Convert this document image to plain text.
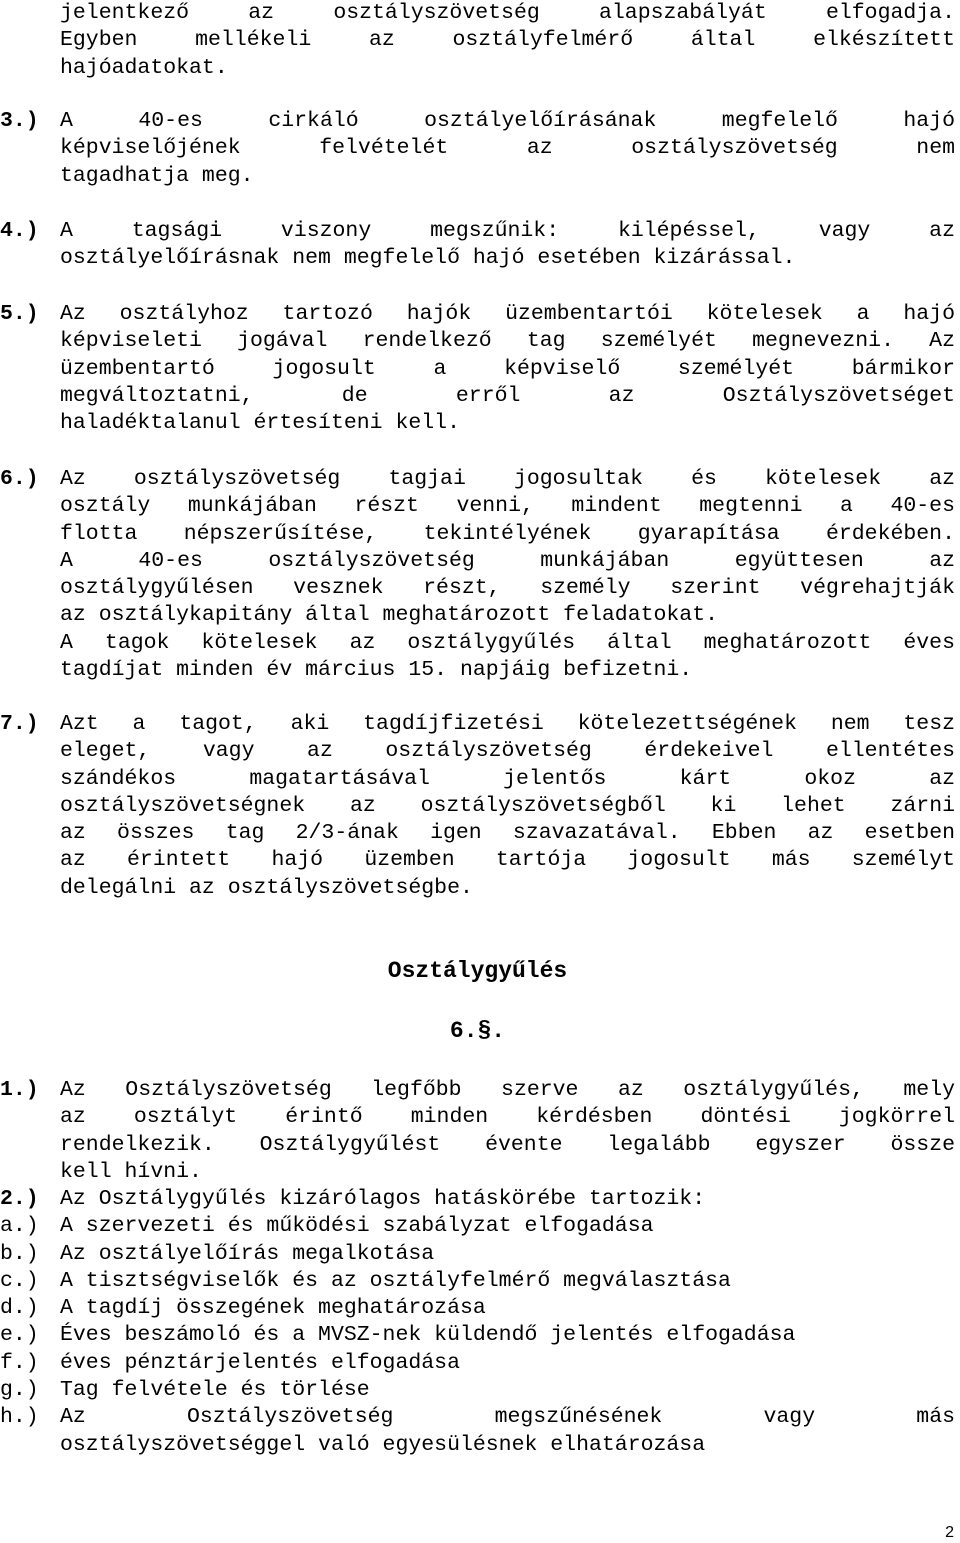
jelentkező az osztályszövetség alapszabályát elfogadja.
Egyben mellékeli az osztályfelmérő által elkészített
hajóadatokat.
3.) A 40-es cirkáló osztályelőírásának megfelelő hajó
képviselőjének felvételét az osztályszövetség nem
tagadhatja meg.
4.) A tagsági viszony megszűnik: kilépéssel, vagy az
osztályelőírásnak nem megfelelő hajó esetében kizárással.
5.) Az osztályhoz tartozó hajók üzembentartói kötelesek a hajó
képviseleti jogával rendelkező tag személyét megnevezni. Az
üzembentartó jogosult a képviselő személyét bármikor
megváltoztatni, de erről az Osztályszövetséget
haladéktalanul értesíteni kell.
6.) Az osztályszövetség tagjai jogosultak és kötelesek az
osztály munkájában részt venni, mindent megtenni a 40-es
flotta népszerűsítése, tekintélyének gyarapítása érdekében.
A 40-es osztályszövetség munkájában együttesen az
osztálygyűlésen vesznek részt, személy szerint végrehajtják
az osztálykapitány által meghatározott feladatokat.
A tagok kötelesek az osztálygyűlés által meghatározott éves
tagdíjat minden év március 15. napjáig befizetni.
7.) Azt a tagot, aki tagdíjfizetési kötelezettségének nem tesz
eleget, vagy az osztályszövetség érdekeivel ellentétes
szándékos magatartásával jelentős kárt okoz az
osztályszövetségnek az osztályszövetségből ki lehet zárni
az összes tag 2/3-ának igen szavazatával. Ebben az esetben
az érintett hajó üzemben tartója jogosult más személyt
delegálni az osztályszövetségbe.
Osztálygyűlés
6.§.
1.) Az Osztályszövetség legfőbb szerve az osztálygyűlés, mely
az osztályt érintő minden kérdésben döntési jogkörrel
rendelkezik. Osztálygyűlést évente legalább egyszer össze
kell hívni.
2.) Az Osztálygyűlés kizárólagos hatáskörébe tartozik:
a.) A szervezeti és működési szabályzat elfogadása
b.) Az osztályelőírás megalkotása
c.) A tisztségviselők és az osztályfelmérő megválasztása
d.) A tagdíj összegének meghatározása
e.) Éves beszámoló és a MVSZ-nek küldendő jelentés elfogadása
f.) éves pénztárjelentés elfogadása
g.) Tag felvétele és törlése
h.) Az Osztályszövetség megszűnésének vagy más
osztályszövetséggel való egyesülésnek elhatározása
2
